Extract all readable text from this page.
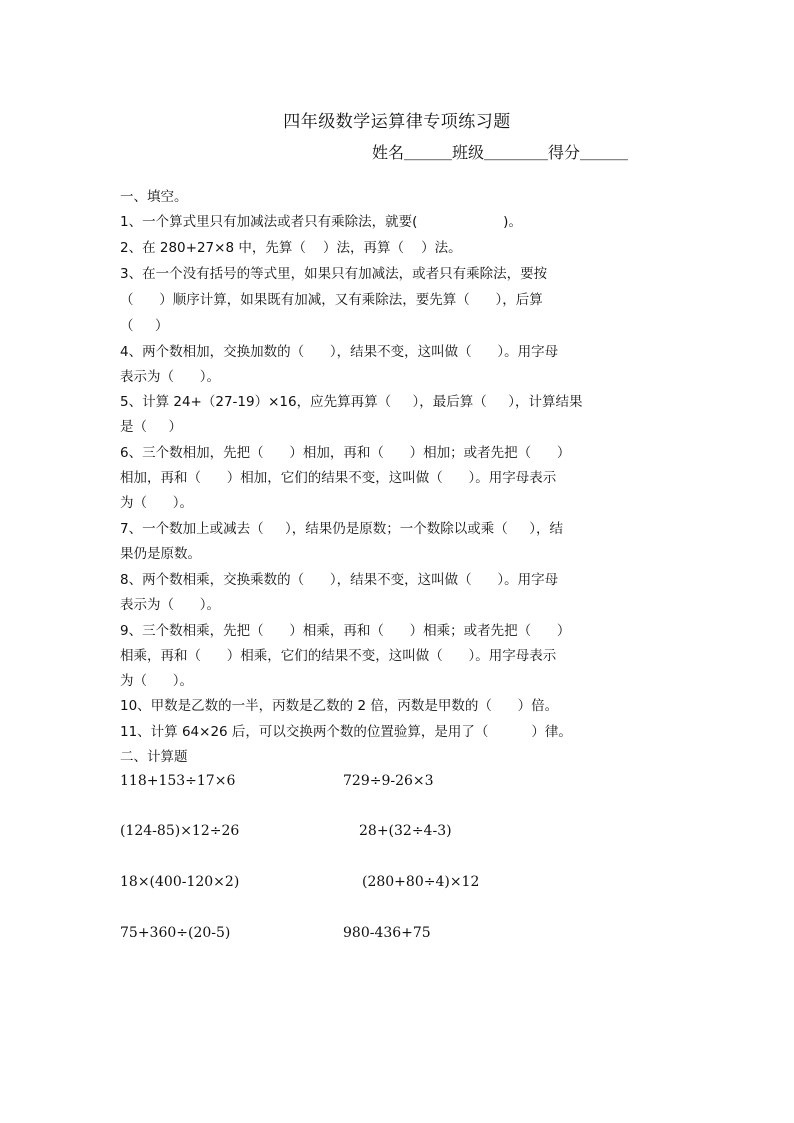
四年级数学运算律专项练习题
姓名＿＿＿班级＿＿＿＿得分＿＿＿
一、填空。
1、一个算式里只有加减法或者只有乘除法，就要(                    )。
2、在 280+27×8 中，先算（    ）法，再算（    ）法。
3、在一个没有括号的等式里，如果只有加减法，或者只有乘除法，要按
（      ）顺序计算，如果既有加减，又有乘除法，要先算（      ），后算
（     ）
4、两个数相加，交换加数的（      ），结果不变，这叫做（      ）。用字母
表示为（      ）。
5、计算 24+（27-19）×16，应先算再算（     ），最后算（     ），计算结果
是（     ）
6、三个数相加，先把（      ）相加，再和（      ）相加；或者先把（      ）
相加，再和（      ）相加，它们的结果不变，这叫做（      ）。用字母表示
为（      ）。
7、一个数加上或减去（     ），结果仍是原数；一个数除以或乘（     ），结
果仍是原数。
8、两个数相乘，交换乘数的（      ），结果不变，这叫做（      ）。用字母
表示为（      ）。
9、三个数相乘，先把（      ）相乘，再和（      ）相乘；或者先把（      ）
相乘，再和（      ）相乘，它们的结果不变，这叫做（      ）。用字母表示
为（      ）。
10、甲数是乙数的一半，丙数是乙数的 2 倍，丙数是甲数的（      ）倍。
11、计算 64×26 后，可以交换两个数的位置验算，是用了（          ）律。
二、计算题
118+153÷17×6	729÷9-26×3
(124-85)×12÷26	28+(32÷4-3)
18×(400-120×2)	(280+80÷4)×12
75+360÷(20-5)	980-436+75
